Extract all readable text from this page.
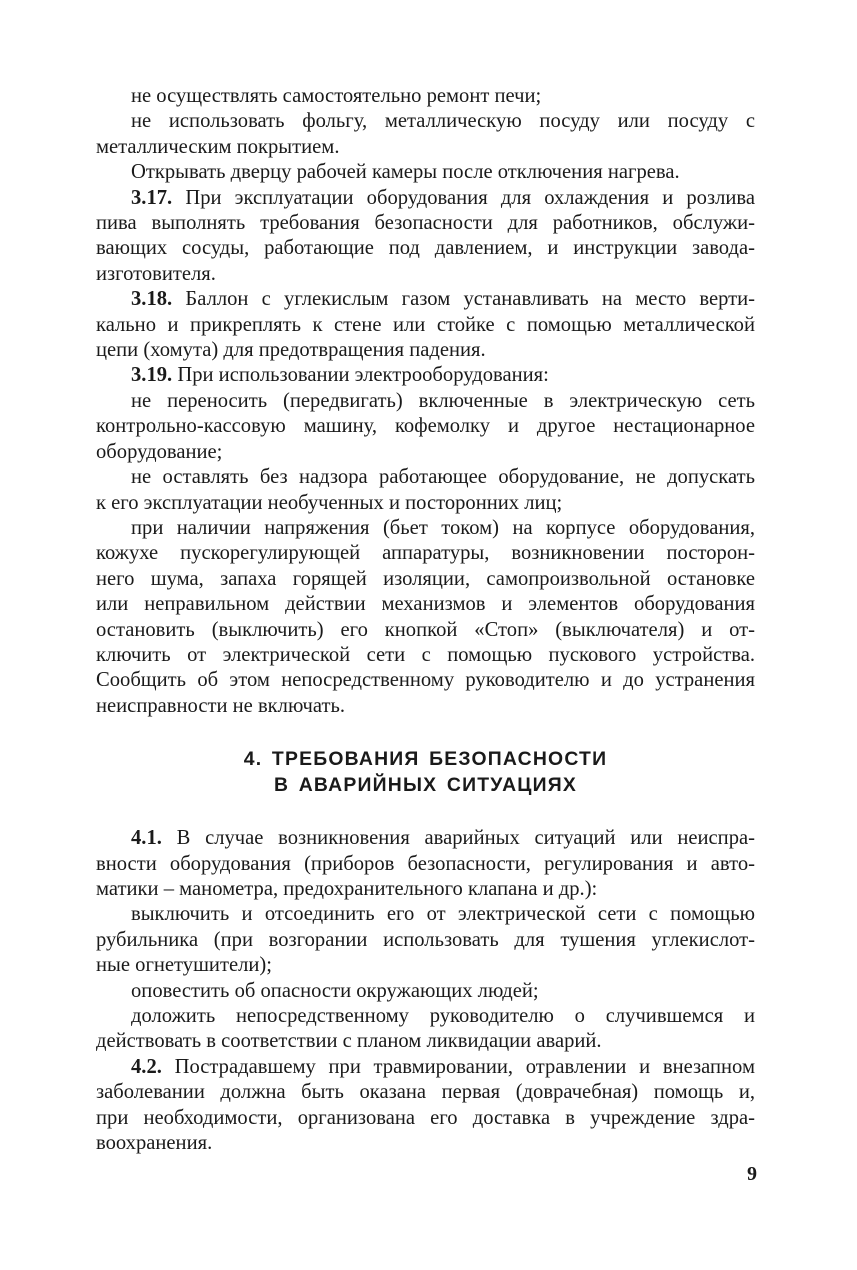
не осуществлять самостоятельно ремонт печи;
не использовать фольгу, металлическую посуду или посуду с
металлическим покрытием.
Открывать дверцу рабочей камеры после отключения нагрева.
3.17. При эксплуатации оборудования для охлаждения и розлива
пива выполнять требования безопасности для работников, обслужи-
вающих сосуды, работающие под давлением, и инструкции завода-
изготовителя.
3.18. Баллон с углекислым газом устанавливать на место верти-
кально и прикреплять к стене или стойке с помощью металлической
цепи (хомута) для предотвращения падения.
3.19. При использовании электрооборудования:
не переносить (передвигать) включенные в электрическую сеть
контрольно-кассовую машину, кофемолку и другое нестационарное
оборудование;
не оставлять без надзора работающее оборудование, не допускать
к его эксплуатации необученных и посторонних лиц;
при наличии напряжения (бьет током) на корпусе оборудования,
кожухе пускорегулирующей аппаратуры, возникновении посторон-
него шума, запаха горящей изоляции, самопроизвольной остановке
или неправильном действии механизмов и элементов оборудования
остановить (выключить) его кнопкой «Стоп» (выключателя) и от-
ключить от электрической сети с помощью пускового устройства.
Сообщить об этом непосредственному руководителю и до устранения
неисправности не включать.
4. ТРЕБОВАНИЯ БЕЗОПАСНОСТИ
В АВАРИЙНЫХ СИТУАЦИЯХ
4.1. В случае возникновения аварийных ситуаций или неиспра-
вности оборудования (приборов безопасности, регулирования и авто-
матики – манометра, предохранительного клапана и др.):
выключить и отсоединить его от электрической сети с помощью
рубильника (при возгорании использовать для тушения углекислот-
ные огнетушители);
оповестить об опасности окружающих людей;
доложить непосредственному руководителю о случившемся и
действовать в соответствии с планом ликвидации аварий.
4.2. Пострадавшему при травмировании, отравлении и внезапном
заболевании должна быть оказана первая (доврачебная) помощь и,
при необходимости, организована его доставка в учреждение здра-
воохранения.
9
